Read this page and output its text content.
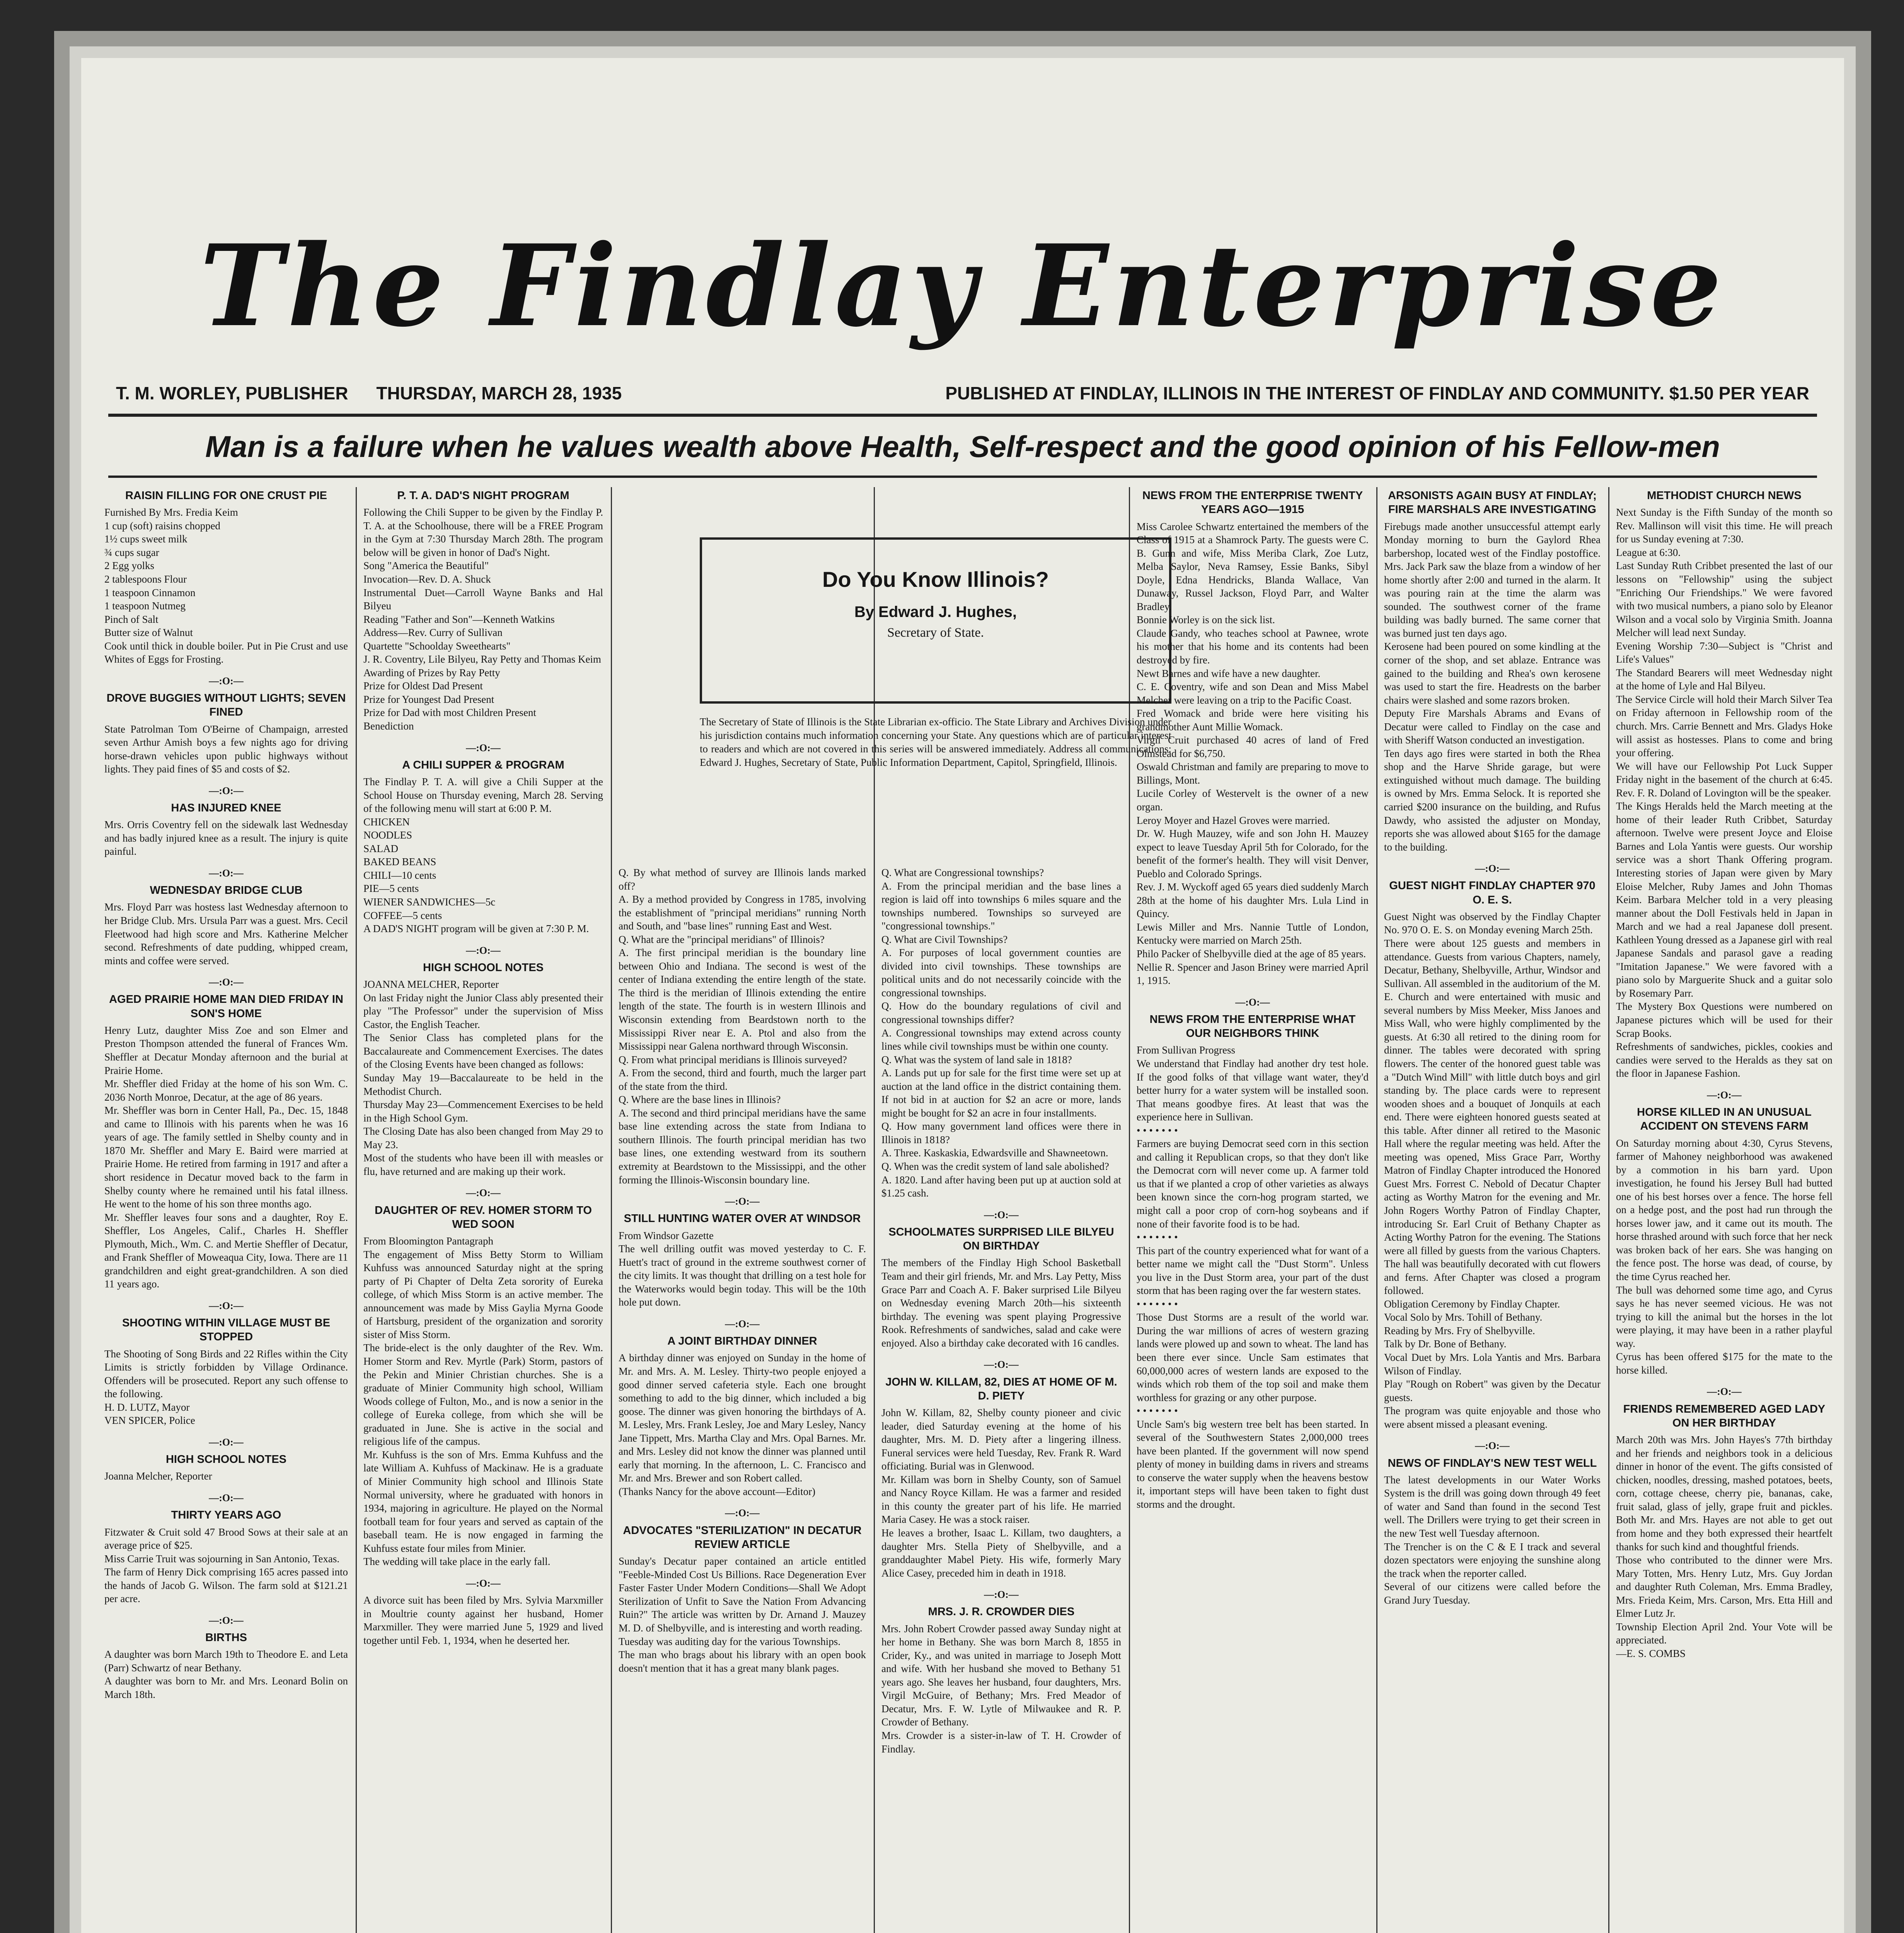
The Findlay Enterprise
T. M. WORLEY, PUBLISHER THURSDAY, MARCH 28, 1935	PUBLISHED AT FINDLAY, ILLINOIS IN THE INTEREST OF FINDLAY AND COMMUNITY. $1.50 PER YEAR
Man is a failure when he values wealth above Health, Self-respect and the good opinion of his Fellow-men
RAISIN FILLING FOR ONE CRUST PIE
Furnished By Mrs. Fredia Keim
1 cup (soft) raisins chopped
1½ cups sweet milk
¾ cups sugar
2 Egg yolks
2 tablespoons Flour
1 teaspoon Cinnamon
1 teaspoon Nutmeg
Pinch of Salt
Butter size of Walnut
Cook until thick in double boiler. Put in Pie Crust and use Whites of Eggs for Frosting.
—:O:—
DROVE BUGGIES WITHOUT LIGHTS; SEVEN FINED
State Patrolman Tom O'Beirne of Champaign, arrested seven Arthur Amish boys a few nights ago for driving horse-drawn vehicles upon public highways without lights. They paid fines of $5 and costs of $2.
—:O:—
HAS INJURED KNEE
Mrs. Orris Coventry fell on the sidewalk last Wednesday and has badly injured knee as a result. The injury is quite painful.
—:O:—
WEDNESDAY BRIDGE CLUB
Mrs. Floyd Parr was hostess last Wednesday afternoon to her Bridge Club. Mrs. Ursula Parr was a guest. Mrs. Cecil Fleetwood had high score and Mrs. Katherine Melcher second. Refreshments of date pudding, whipped cream, mints and coffee were served.
—:O:—
AGED PRAIRIE HOME MAN DIED FRIDAY IN SON'S HOME
Henry Lutz, daughter Miss Zoe and son Elmer and Preston Thompson attended the funeral of Frances Wm. Sheffler at Decatur Monday afternoon and the burial at Prairie Home.
Mr. Sheffler died Friday at the home of his son Wm. C. 2036 North Monroe, Decatur, at the age of 86 years.
Mr. Sheffler was born in Center Hall, Pa., Dec. 15, 1848 and came to Illinois with his parents when he was 16 years of age. The family settled in Shelby county and in 1870 Mr. Sheffler and Mary E. Baird were married at Prairie Home. He retired from farming in 1917 and after a short residence in Decatur moved back to the farm in Shelby county where he remained until his fatal illness. He went to the home of his son three months ago.
Mr. Sheffler leaves four sons and a daughter, Roy E. Sheffler, Los Angeles, Calif., Charles H. Sheffler Plymouth, Mich., Wm. C. and Mertie Sheffler of Decatur, and Frank Sheffler of Moweaqua City, Iowa. There are 11 grandchildren and eight great-grandchildren. A son died 11 years ago.
—:O:—
SHOOTING WITHIN VILLAGE MUST BE STOPPED
The Shooting of Song Birds and 22 Rifles within the City Limits is strictly forbidden by Village Ordinance. Offenders will be prosecuted. Report any such offense to the following.
H. D. LUTZ, Mayor
VEN SPICER, Police
—:O:—
HIGH SCHOOL NOTES
Joanna Melcher, Reporter
—:O:—
THIRTY YEARS AGO
Fitzwater & Cruit sold 47 Brood Sows at their sale at an average price of $25.
Miss Carrie Truit was sojourning in San Antonio, Texas.
The farm of Henry Dick comprising 165 acres passed into the hands of Jacob G. Wilson. The farm sold at $121.21 per acre.
—:O:—
BIRTHS
A daughter was born March 19th to Theodore E. and Leta (Parr) Schwartz of near Bethany.
A daughter was born to Mr. and Mrs. Leonard Bolin on March 18th.
P. T. A. DAD'S NIGHT PROGRAM
Following the Chili Supper to be given by the Findlay P. T. A. at the Schoolhouse, there will be a FREE Program in the Gym at 7:30 Thursday March 28th. The program below will be given in honor of Dad's Night.
Song "America the Beautiful"
Invocation—Rev. D. A. Shuck
Instrumental Duet—Carroll Wayne Banks and Hal Bilyeu
Reading "Father and Son"—Kenneth Watkins
Address—Rev. Curry of Sullivan
Quartette "Schoolday Sweethearts"
J. R. Coventry, Lile Bilyeu, Ray Petty and Thomas Keim
Awarding of Prizes by Ray Petty
Prize for Oldest Dad Present
Prize for Youngest Dad Present
Prize for Dad with most Children Present
Benediction
—:O:—
A CHILI SUPPER & PROGRAM
The Findlay P. T. A. will give a Chili Supper at the School House on Thursday evening, March 28. Serving of the following menu will start at 6:00 P. M.
CHICKEN
NOODLES
SALAD
BAKED BEANS
CHILI—10 cents
PIE—5 cents
WIENER SANDWICHES—5c
COFFEE—5 cents
A DAD'S NIGHT program will be given at 7:30 P. M.
—:O:—
HIGH SCHOOL NOTES
JOANNA MELCHER, Reporter
On last Friday night the Junior Class ably presented their play "The Professor" under the supervision of Miss Castor, the English Teacher.
The Senior Class has completed plans for the Baccalaureate and Commencement Exercises. The dates of the Closing Events have been changed as follows:
Sunday May 19—Baccalaureate to be held in the Methodist Church.
Thursday May 23—Commencement Exercises to be held in the High School Gym.
The Closing Date has also been changed from May 29 to May 23.
Most of the students who have been ill with measles or flu, have returned and are making up their work.
—:O:—
DAUGHTER OF REV. HOMER STORM TO WED SOON
From Bloomington Pantagraph
The engagement of Miss Betty Storm to William Kuhfuss was announced Saturday night at the spring party of Pi Chapter of Delta Zeta sorority of Eureka college, of which Miss Storm is an active member. The announcement was made by Miss Gaylia Myrna Goode of Hartsburg, president of the organization and sorority sister of Miss Storm.
The bride-elect is the only daughter of the Rev. Wm. Homer Storm and Rev. Myrtle (Park) Storm, pastors of the Pekin and Minier Christian churches. She is a graduate of Minier Community high school, William Woods college of Fulton, Mo., and is now a senior in the college of Eureka college, from which she will be graduated in June. She is active in the social and religious life of the campus.
Mr. Kuhfuss is the son of Mrs. Emma Kuhfuss and the late William A. Kuhfuss of Mackinaw. He is a graduate of Minier Community high school and Illinois State Normal university, where he graduated with honors in 1934, majoring in agriculture. He played on the Normal football team for four years and served as captain of the baseball team. He is now engaged in farming the Kuhfuss estate four miles from Minier.
The wedding will take place in the early fall.
—:O:—
A divorce suit has been filed by Mrs. Sylvia Marxmiller in Moultrie county against her husband, Homer Marxmiller. They were married June 5, 1929 and lived together until Feb. 1, 1934, when he deserted her.
Do You Know Illinois?
By Edward J. Hughes,
Secretary of State.
The Secretary of State of Illinois is the State Librarian ex-officio. The State Library and Archives Division under his jurisdiction contains much information concerning your State. Any questions which are of particular interest to readers and which are not covered in this series will be answered immediately. Address all communications: Edward J. Hughes, Secretary of State, Public Information Department, Capitol, Springfield, Illinois.
Q. By what method of survey are Illinois lands marked off?
A. By a method provided by Congress in 1785, involving the establishment of "principal meridians" running North and South, and "base lines" running East and West.
Q. What are the "principal meridians" of Illinois?
A. The first principal meridian is the boundary line between Ohio and Indiana. The second is west of the center of Indiana extending the entire length of the state. The third is the meridian of Illinois extending the entire length of the state. The fourth is in western Illinois and Wisconsin extending from Beardstown north to the Mississippi River near E. A. Ptol and also from the Mississippi near Galena northward through Wisconsin.
Q. From what principal meridians is Illinois surveyed?
A. From the second, third and fourth, much the larger part of the state from the third.
Q. Where are the base lines in Illinois?
A. The second and third principal meridians have the same base line extending across the state from Indiana to southern Illinois. The fourth principal meridian has two base lines, one extending westward from its southern extremity at Beardstown to the Mississippi, and the other forming the Illinois-Wisconsin boundary line.
—:O:—
STILL HUNTING WATER OVER AT WINDSOR
From Windsor Gazette
The well drilling outfit was moved yesterday to C. F. Huett's tract of ground in the extreme southwest corner of the city limits. It was thought that drilling on a test hole for the Waterworks would begin today. This will be the 10th hole put down.
—:O:—
A JOINT BIRTHDAY DINNER
A birthday dinner was enjoyed on Sunday in the home of Mr. and Mrs. A. M. Lesley. Thirty-two people enjoyed a good dinner served cafeteria style. Each one brought something to add to the big dinner, which included a big goose. The dinner was given honoring the birthdays of A. M. Lesley, Mrs. Frank Lesley, Joe and Mary Lesley, Nancy Jane Tippett, Mrs. Martha Clay and Mrs. Opal Barnes. Mr. and Mrs. Lesley did not know the dinner was planned until early that morning. In the afternoon, L. C. Francisco and Mr. and Mrs. Brewer and son Robert called.
(Thanks Nancy for the above account—Editor)
—:O:—
ADVOCATES "STERILIZATION" IN DECATUR REVIEW ARTICLE
Sunday's Decatur paper contained an article entitled "Feeble-Minded Cost Us Billions. Race Degeneration Ever Faster Faster Under Modern Conditions—Shall We Adopt Sterilization of Unfit to Save the Nation From Advancing Ruin?" The article was written by Dr. Arnand J. Mauzey M. D. of Shelbyville, and is interesting and worth reading.
Tuesday was auditing day for the various Townships.
The man who brags about his library with an open book doesn't mention that it has a great many blank pages.
Q. What are Congressional townships?
A. From the principal meridian and the base lines a region is laid off into townships 6 miles square and the townships numbered. Townships so surveyed are "congressional townships."
Q. What are Civil Townships?
A. For purposes of local government counties are divided into civil townships. These townships are political units and do not necessarily coincide with the congressional townships.
Q. How do the boundary regulations of civil and congressional townships differ?
A. Congressional townships may extend across county lines while civil townships must be within one county.
Q. What was the system of land sale in 1818?
A. Lands put up for sale for the first time were set up at auction at the land office in the district containing them. If not bid in at auction for $2 an acre or more, lands might be bought for $2 an acre in four installments.
Q. How many government land offices were there in Illinois in 1818?
A. Three. Kaskaskia, Edwardsville and Shawneetown.
Q. When was the credit system of land sale abolished?
A. 1820. Land after having been put up at auction sold at $1.25 cash.
—:O:—
SCHOOLMATES SURPRISED LILE BILYEU ON BIRTHDAY
The members of the Findlay High School Basketball Team and their girl friends, Mr. and Mrs. Lay Petty, Miss Grace Parr and Coach A. F. Baker surprised Lile Bilyeu on Wednesday evening March 20th—his sixteenth birthday. The evening was spent playing Progressive Rook. Refreshments of sandwiches, salad and cake were enjoyed. Also a birthday cake decorated with 16 candles.
—:O:—
JOHN W. KILLAM, 82, DIES AT HOME OF M. D. PIETY
John W. Killam, 82, Shelby county pioneer and civic leader, died Saturday evening at the home of his daughter, Mrs. M. D. Piety after a lingering illness. Funeral services were held Tuesday, Rev. Frank R. Ward officiating. Burial was in Glenwood.
Mr. Killam was born in Shelby County, son of Samuel and Nancy Royce Killam. He was a farmer and resided in this county the greater part of his life. He married Maria Casey. He was a stock raiser.
He leaves a brother, Isaac L. Killam, two daughters, a daughter Mrs. Stella Piety of Shelbyville, and a granddaughter Mabel Piety. His wife, formerly Mary Alice Casey, preceded him in death in 1918.
—:O:—
MRS. J. R. CROWDER DIES
Mrs. John Robert Crowder passed away Sunday night at her home in Bethany. She was born March 8, 1855 in Crider, Ky., and was united in marriage to Joseph Mott and wife. With her husband she moved to Bethany 51 years ago. She leaves her husband, four daughters, Mrs. Virgil McGuire, of Bethany; Mrs. Fred Meador of Decatur, Mrs. F. W. Lytle of Milwaukee and R. P. Crowder of Bethany.
Mrs. Crowder is a sister-in-law of T. H. Crowder of Findlay.
NEWS FROM THE ENTERPRISE TWENTY YEARS AGO—1915
Miss Carolee Schwartz entertained the members of the Class of 1915 at a Shamrock Party. The guests were C. B. Gunn and wife, Miss Meriba Clark, Zoe Lutz, Melba Saylor, Neva Ramsey, Essie Banks, Sibyl Doyle, Edna Hendricks, Blanda Wallace, Van Dunaway, Russel Jackson, Floyd Parr, and Walter Bradley.
Bonnie Worley is on the sick list.
Claude Gandy, who teaches school at Pawnee, wrote his mother that his home and its contents had been destroyed by fire.
Newt Barnes and wife have a new daughter.
C. E. Coventry, wife and son Dean and Miss Mabel Melcher were leaving on a trip to the Pacific Coast.
Fred Womack and bride were here visiting his grandmother Aunt Millie Womack.
Virgil Cruit purchased 40 acres of land of Fred Olmstead for $6,750.
Oswald Christman and family are preparing to move to Billings, Mont.
Lucile Corley of Westervelt is the owner of a new organ.
Leroy Moyer and Hazel Groves were married.
Dr. W. Hugh Mauzey, wife and son John H. Mauzey expect to leave Tuesday April 5th for Colorado, for the benefit of the former's health. They will visit Denver, Pueblo and Colorado Springs.
Rev. J. M. Wyckoff aged 65 years died suddenly March 28th at the home of his daughter Mrs. Lula Lind in Quincy.
Lewis Miller and Mrs. Nannie Tuttle of London, Kentucky were married on March 25th.
Philo Packer of Shelbyville died at the age of 85 years.
Nellie R. Spencer and Jason Briney were married April 1, 1915.
—:O:—
NEWS FROM THE ENTERPRISE WHAT OUR NEIGHBORS THINK
From Sullivan Progress
We understand that Findlay had another dry test hole. If the good folks of that village want water, they'd better hurry for a water system will be installed soon. That means goodbye fires. At least that was the experience here in Sullivan.
• • • • • • •
Farmers are buying Democrat seed corn in this section and calling it Republican crops, so that they don't like the Democrat corn will never come up. A farmer told us that if we planted a crop of other varieties as always been known since the corn-hog program started, we might call a poor crop of corn-hog soybeans and if none of their favorite food is to be had.
• • • • • • •
This part of the country experienced what for want of a better name we might call the "Dust Storm". Unless you live in the Dust Storm area, your part of the dust storm that has been raging over the far western states.
• • • • • • •
Those Dust Storms are a result of the world war. During the war millions of acres of western grazing lands were plowed up and sown to wheat. The land has been there ever since. Uncle Sam estimates that 60,000,000 acres of western lands are exposed to the winds which rob them of the top soil and make them worthless for grazing or any other purpose.
• • • • • • •
Uncle Sam's big western tree belt has been started. In several of the Southwestern States 2,000,000 trees have been planted. If the government will now spend plenty of money in building dams in rivers and streams to conserve the water supply when the heavens bestow it, important steps will have been taken to fight dust storms and the drought.
ARSONISTS AGAIN BUSY AT FINDLAY; FIRE MARSHALS ARE INVESTIGATING
Firebugs made another unsuccessful attempt early Monday morning to burn the Gaylord Rhea barbershop, located west of the Findlay postoffice. Mrs. Jack Park saw the blaze from a window of her home shortly after 2:00 and turned in the alarm. It was pouring rain at the time the alarm was sounded. The southwest corner of the frame building was badly burned. The same corner that was burned just ten days ago.
Kerosene had been poured on some kindling at the corner of the shop, and set ablaze. Entrance was gained to the building and Rhea's own kerosene was used to start the fire. Headrests on the barber chairs were slashed and some razors broken.
Deputy Fire Marshals Abrams and Evans of Decatur were called to Findlay on the case and with Sheriff Watson conducted an investigation.
Ten days ago fires were started in both the Rhea shop and the Harve Shride garage, but were extinguished without much damage. The building is owned by Mrs. Emma Selock. It is reported she carried $200 insurance on the building, and Rufus Dawdy, who assisted the adjuster on Monday, reports she was allowed about $165 for the damage to the building.
—:O:—
GUEST NIGHT FINDLAY CHAPTER 970 O. E. S.
Guest Night was observed by the Findlay Chapter No. 970 O. E. S. on Monday evening March 25th.
There were about 125 guests and members in attendance. Guests from various Chapters, namely, Decatur, Bethany, Shelbyville, Arthur, Windsor and Sullivan. All assembled in the auditorium of the M. E. Church and were entertained with music and several numbers by Miss Meeker, Miss Janoes and Miss Wall, who were highly complimented by the guests. At 6:30 all retired to the dining room for dinner. The tables were decorated with spring flowers. The center of the honored guest table was a "Dutch Wind Mill" with little dutch boys and girl standing by. The place cards were to represent wooden shoes and a bouquet of Jonquils at each end. There were eighteen honored guests seated at this table. After dinner all retired to the Masonic Hall where the regular meeting was held. After the meeting was opened, Miss Grace Parr, Worthy Matron of Findlay Chapter introduced the Honored Guest Mrs. Forrest C. Nebold of Decatur Chapter acting as Worthy Matron for the evening and Mr. John Rogers Worthy Patron of Findlay Chapter, introducing Sr. Earl Cruit of Bethany Chapter as Acting Worthy Patron for the evening. The Stations were all filled by guests from the various Chapters. The hall was beautifully decorated with cut flowers and ferns. After Chapter was closed a program followed.
Obligation Ceremony by Findlay Chapter.
Vocal Solo by Mrs. Tohill of Bethany.
Reading by Mrs. Fry of Shelbyville.
Talk by Dr. Bone of Bethany.
Vocal Duet by Mrs. Lola Yantis and Mrs. Barbara Wilson of Findlay.
Play "Rough on Robert" was given by the Decatur guests.
The program was quite enjoyable and those who were absent missed a pleasant evening.
—:O:—
NEWS OF FINDLAY'S NEW TEST WELL
The latest developments in our Water Works System is the drill was going down through 49 feet of water and Sand than found in the second Test well. The Drillers were trying to get their screen in the new Test well Tuesday afternoon.
The Trencher is on the C & E I track and several dozen spectators were enjoying the sunshine along the track when the reporter called.
Several of our citizens were called before the Grand Jury Tuesday.
METHODIST CHURCH NEWS
Next Sunday is the Fifth Sunday of the month so Rev. Mallinson will visit this time. He will preach for us Sunday evening at 7:30.
League at 6:30.
Last Sunday Ruth Cribbet presented the last of our lessons on "Fellowship" using the subject "Enriching Our Friendships." We were favored with two musical numbers, a piano solo by Eleanor Wilson and a vocal solo by Virginia Smith. Joanna Melcher will lead next Sunday.
Evening Worship 7:30—Subject is "Christ and Life's Values"
The Standard Bearers will meet Wednesday night at the home of Lyle and Hal Bilyeu.
The Service Circle will hold their March Silver Tea on Friday afternoon in Fellowship room of the church. Mrs. Carrie Bennett and Mrs. Gladys Hoke will assist as hostesses. Plans to come and bring your offering.
We will have our Fellowship Pot Luck Supper Friday night in the basement of the church at 6:45. Rev. F. R. Doland of Lovington will be the speaker.
The Kings Heralds held the March meeting at the home of their leader Ruth Cribbet, Saturday afternoon. Twelve were present Joyce and Eloise Barnes and Lola Yantis were guests. Our worship service was a short Thank Offering program. Interesting stories of Japan were given by Mary Eloise Melcher, Ruby James and John Thomas Keim. Barbara Melcher told in a very pleasing manner about the Doll Festivals held in Japan in March and we had a real Japanese doll present. Kathleen Young dressed as a Japanese girl with real Japanese Sandals and parasol gave a reading "Imitation Japanese." We were favored with a piano solo by Marguerite Shuck and a guitar solo by Rosemary Parr.
The Mystery Box Questions were numbered on Japanese pictures which will be used for their Scrap Books.
Refreshments of sandwiches, pickles, cookies and candies were served to the Heralds as they sat on the floor in Japanese Fashion.
—:O:—
HORSE KILLED IN AN UNUSUAL ACCIDENT ON STEVENS FARM
On Saturday morning about 4:30, Cyrus Stevens, farmer of Mahoney neighborhood was awakened by a commotion in his barn yard. Upon investigation, he found his Jersey Bull had butted one of his best horses over a fence. The horse fell on a hedge post, and the post had run through the horses lower jaw, and it came out its mouth. The horse thrashed around with such force that her neck was broken back of her ears. She was hanging on the fence post. The horse was dead, of course, by the time Cyrus reached her.
The bull was dehorned some time ago, and Cyrus says he has never seemed vicious. He was not trying to kill the animal but the horses in the lot were playing, it may have been in a rather playful way.
Cyrus has been offered $175 for the mate to the horse killed.
—:O:—
FRIENDS REMEMBERED AGED LADY ON HER BIRTHDAY
March 20th was Mrs. John Hayes's 77th birthday and her friends and neighbors took in a delicious dinner in honor of the event. The gifts consisted of chicken, noodles, dressing, mashed potatoes, beets, corn, cottage cheese, cherry pie, bananas, cake, fruit salad, glass of jelly, grape fruit and pickles. Both Mr. and Mrs. Hayes are not able to get out from home and they both expressed their heartfelt thanks for such kind and thoughtful friends.
Those who contributed to the dinner were Mrs. Mary Totten, Mrs. Henry Lutz, Mrs. Guy Jordan and daughter Ruth Coleman, Mrs. Emma Bradley, Mrs. Frieda Keim, Mrs. Carson, Mrs. Etta Hill and Elmer Lutz Jr.
Township Election April 2nd. Your Vote will be appreciated.
—E. S. COMBS
